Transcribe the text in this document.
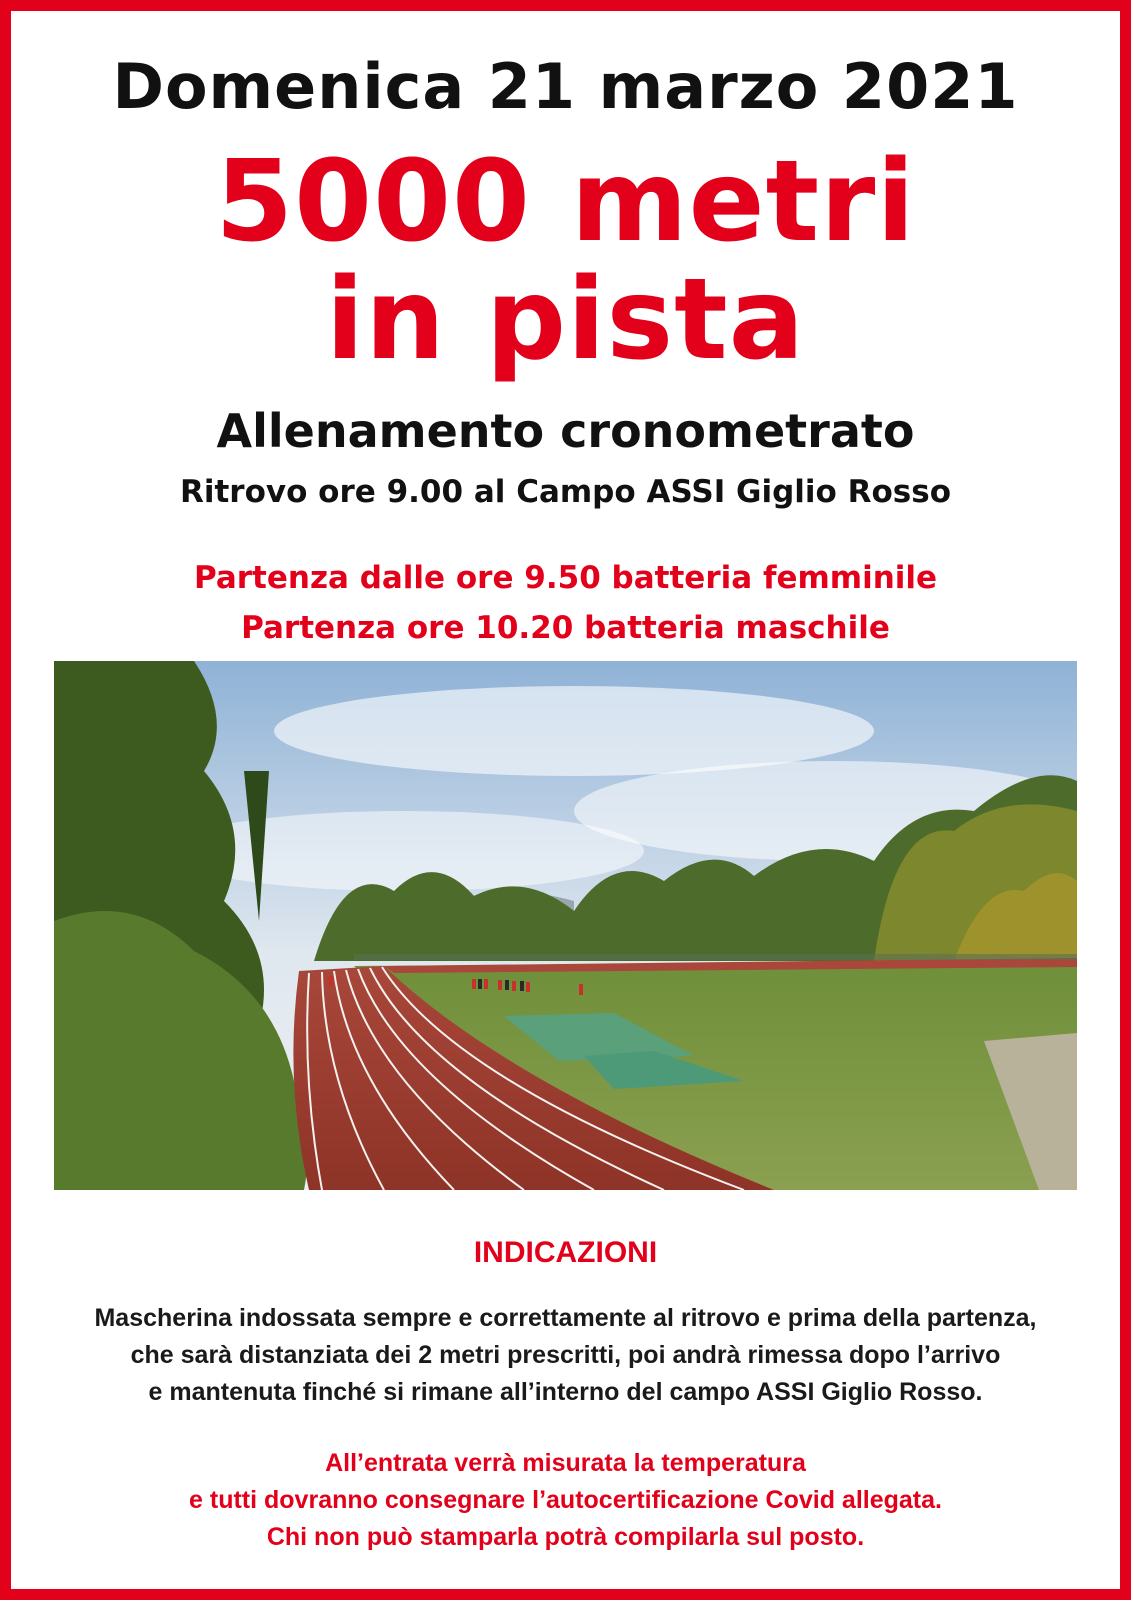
Domenica 21 marzo 2021
5000 metri
in pista
Allenamento cronometrato

Ritrovo ore 9.00 al Campo ASSI Giglio Rosso

Partenza dalle ore 9.50 batteria femminile
Partenza ore 10.20 batteria maschile
INDICAZIONI
Mascherina indossata sempre e correttamente al ritrovo e prima della partenza,
che sarà distanziata dei 2 metri prescritti, poi andrà rimessa dopo l’arrivo
e mantenuta finché si rimane all’interno del campo ASSI Giglio Rosso.
All’entrata verrà misurata la temperatura
e tutti dovranno consegnare l’autocertificazione Covid allegata.
Chi non può stamparla potrà compilarla sul posto.
